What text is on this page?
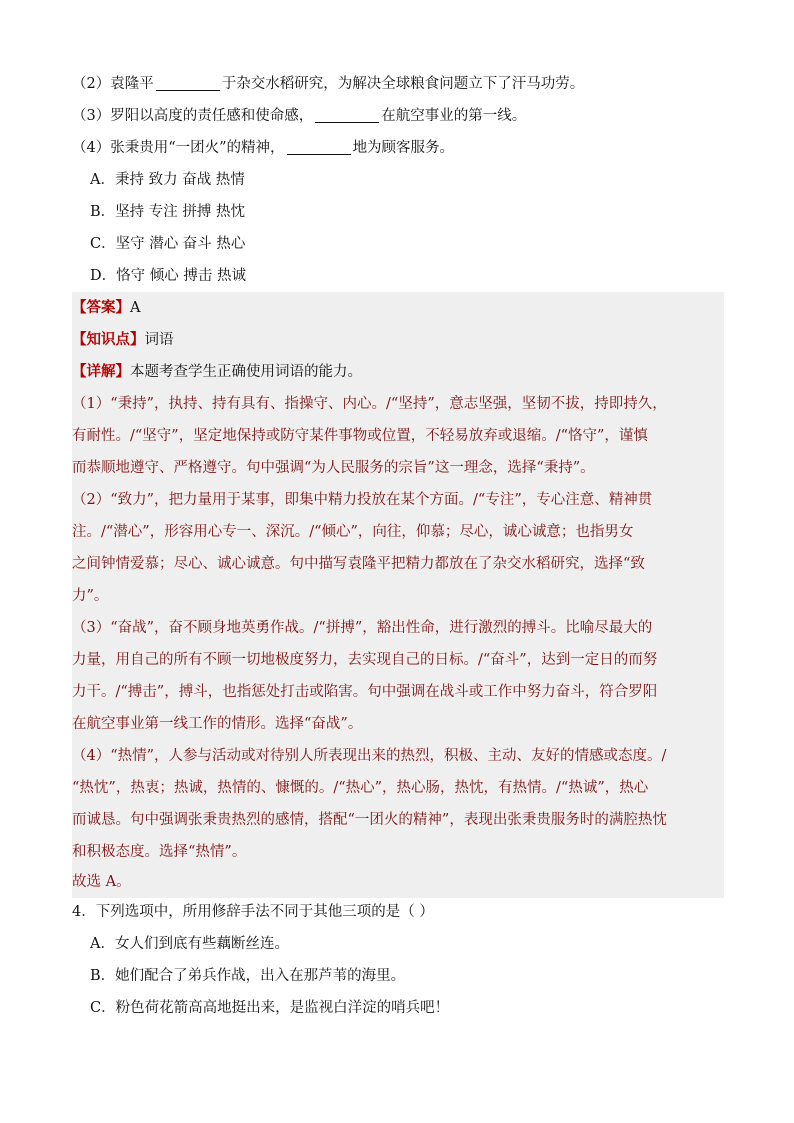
（2）袁隆平	于杂交水稻研究，为解决全球粮食问题立下了汗马功劳。
（3）罗阳以高度的责任感和使命感，	在航空事业的第一线。
（4）张秉贵用“一团火”的精神，	地为顾客服务。
A．秉持 致力 奋战 热情
B．坚持 专注 拼搏 热忱
C．坚守 潜心 奋斗 热心
D．恪守 倾心 搏击 热诚
【答案】A
【知识点】词语
【详解】本题考查学生正确使用词语的能力。
（1）“秉持”，执持、持有具有、指操守、内心。/“坚持”，意志坚强，坚韧不拔，持即持久，
有耐性。/“坚守”，坚定地保持或防守某件事物或位置，不轻易放弃或退缩。/“恪守”，谨慎
而恭顺地遵守、严格遵守。句中强调“为人民服务的宗旨”这一理念，选择“秉持”。
（2）“致力”，把力量用于某事，即集中精力投放在某个方面。/“专注”，专心注意、精神贯
注。/“潜心”，形容用心专一、深沉。/“倾心”，向往，仰慕；尽心，诚心诚意；也指男女
之间钟情爱慕；尽心、诚心诚意。句中描写袁隆平把精力都放在了杂交水稻研究，选择“致
力”。
（3）“奋战”，奋不顾身地英勇作战。/“拼搏”，豁出性命，进行激烈的搏斗。比喻尽最大的
力量，用自己的所有不顾一切地极度努力，去实现自己的日标。/“奋斗”，达到一定日的而努
力干。/“搏击”，搏斗，也指惩处打击或陷害。句中强调在战斗或工作中努力奋斗，符合罗阳
在航空事业第一线工作的情形。选择“奋战”。
（4）“热情”，人参与活动或对待别人所表现出来的热烈，积极、主动、友好的情感或态度。/
“热忱”，热衷；热诚，热情的、慷慨的。/“热心”，热心肠，热忱，有热情。/“热诚”，热心
而诚恳。句中强调张秉贵热烈的感情，搭配“一团火的精神”，表现出张秉贵服务时的满腔热忱
和积极态度。选择“热情”。
故选 A。
4．下列选项中，所用修辞手法不同于其他三项的是（ ）
A．女人们到底有些藕断丝连。
B．她们配合了弟兵作战，出入在那芦苇的海里。
C．粉色荷花箭高高地挺出来，是监视白洋淀的哨兵吧！
